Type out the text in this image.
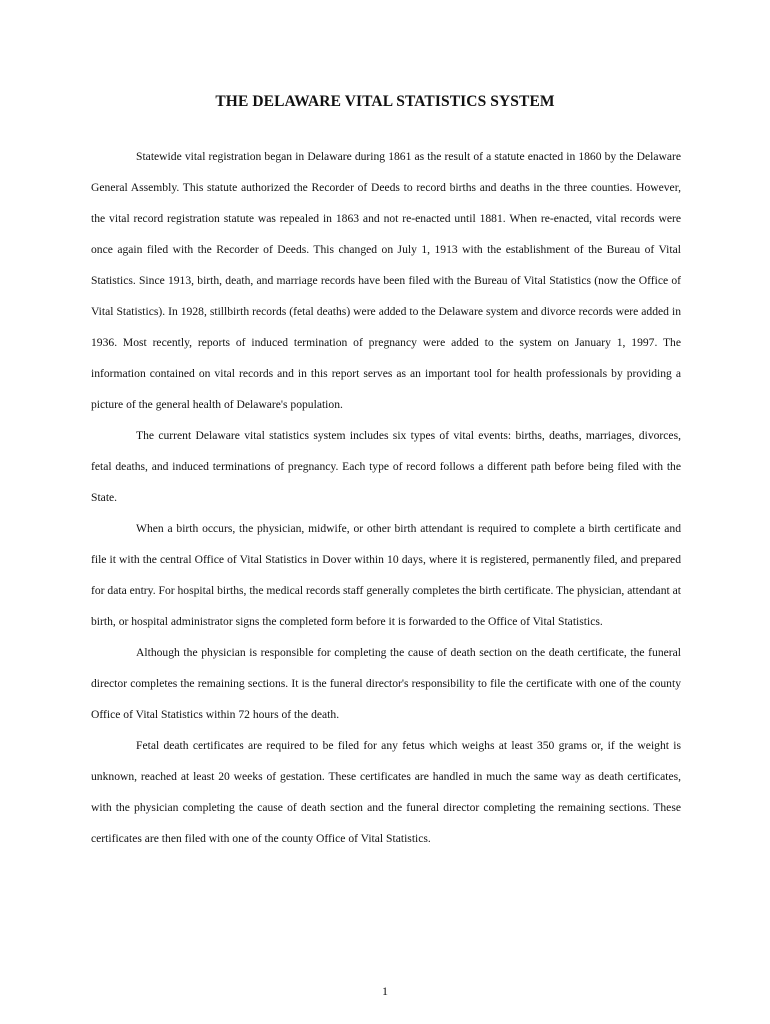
THE DELAWARE VITAL STATISTICS SYSTEM

Statewide vital registration began in Delaware during 1861 as the result of a statute enacted in 1860 by the Delaware General Assembly. This statute authorized the Recorder of Deeds to record births and deaths in the three counties. However, the vital record registration statute was repealed in 1863 and not re-enacted until 1881. When re-enacted, vital records were once again filed with the Recorder of Deeds. This changed on July 1, 1913 with the establishment of the Bureau of Vital Statistics. Since 1913, birth, death, and marriage records have been filed with the Bureau of Vital Statistics (now the Office of Vital Statistics). In 1928, stillbirth records (fetal deaths) were added to the Delaware system and divorce records were added in 1936. Most recently, reports of induced termination of pregnancy were added to the system on January 1, 1997. The information contained on vital records and in this report serves as an important tool for health professionals by providing a picture of the general health of Delaware's population.

The current Delaware vital statistics system includes six types of vital events: births, deaths, marriages, divorces, fetal deaths, and induced terminations of pregnancy. Each type of record follows a different path before being filed with the State.

When a birth occurs, the physician, midwife, or other birth attendant is required to complete a birth certificate and file it with the central Office of Vital Statistics in Dover within 10 days, where it is registered, permanently filed, and prepared for data entry. For hospital births, the medical records staff generally completes the birth certificate. The physician, attendant at birth, or hospital administrator signs the completed form before it is forwarded to the Office of Vital Statistics.

Although the physician is responsible for completing the cause of death section on the death certificate, the funeral director completes the remaining sections. It is the funeral director's responsibility to file the certificate with one of the county Office of Vital Statistics within 72 hours of the death.

Fetal death certificates are required to be filed for any fetus which weighs at least 350 grams or, if the weight is unknown, reached at least 20 weeks of gestation. These certificates are handled in much the same way as death certificates, with the physician completing the cause of death section and the funeral director completing the remaining sections. These certificates are then filed with one of the county Office of Vital Statistics.

1
